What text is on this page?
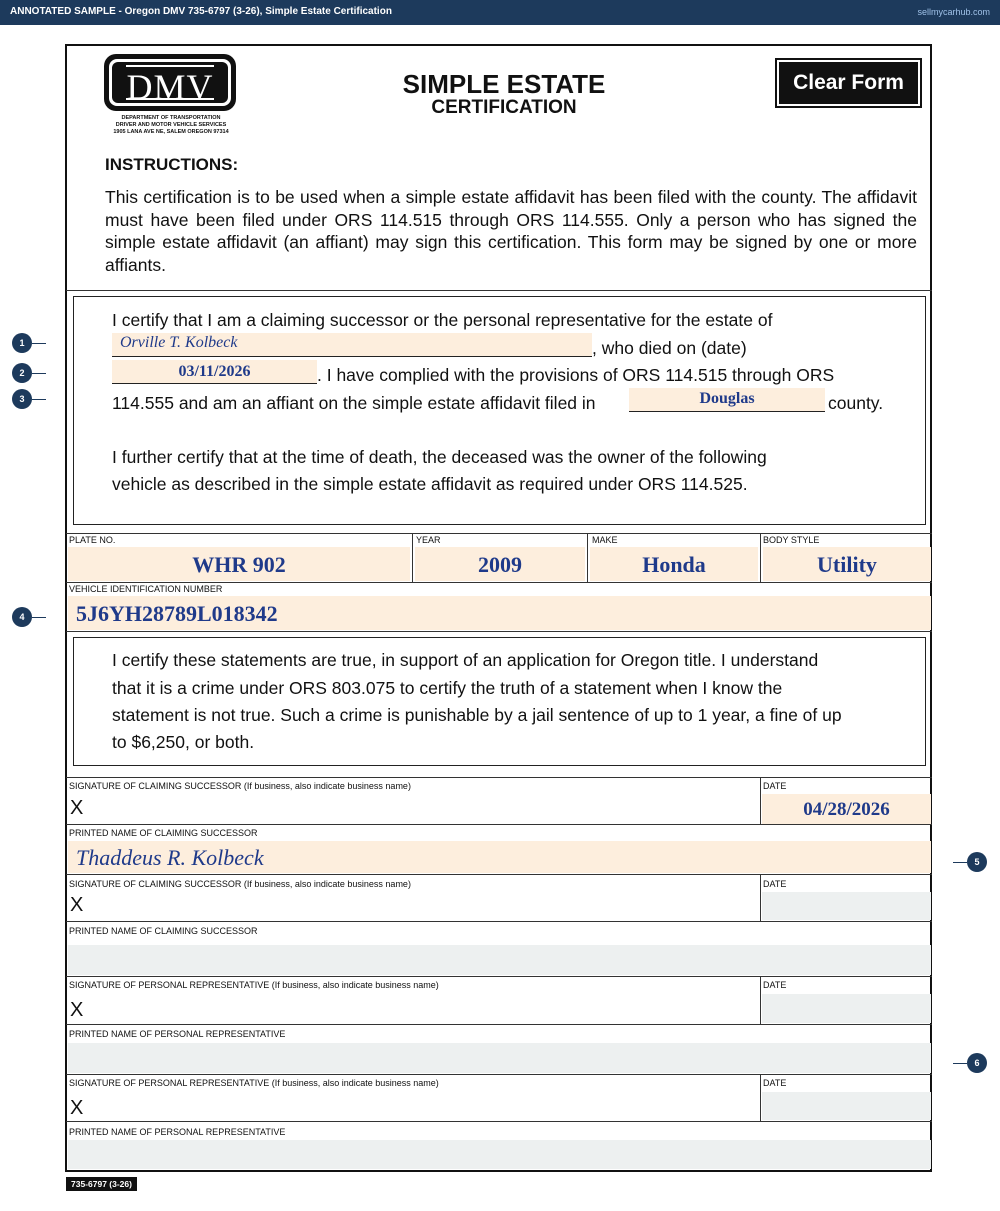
ANNOTATED SAMPLE - Oregon DMV 735-6797 (3-26), Simple Estate Certification	sellmycarhub.com
DMV
DEPARTMENT OF TRANSPORTATION
DRIVER AND MOTOR VEHICLE SERVICES
1905 LANA AVE NE, SALEM OREGON 97314
SIMPLE ESTATE
CERTIFICATION
Clear Form
INSTRUCTIONS:
This certification is to be used when a simple estate affidavit has been filed with the county. The affidavit must have been filed under ORS 114.515 through ORS 114.555. Only a person who has signed the simple estate affidavit (an affiant) may sign this certification. This form may be signed by one or more affiants.
I certify that I am a claiming successor or the personal representative for the estate of
Orville T. Kolbeck	, who died on (date)
03/11/2026	. I have complied with the provisions of ORS 114.515 through ORS
114.555 and am an affiant on the simple estate affidavit filed in	Douglas	county.
I further certify that at the time of death, the deceased was the owner of the following
vehicle as described in the simple estate affidavit as required under ORS 114.525.
PLATE NO.
WHR 902
YEAR
2009
MAKE
Honda
BODY STYLE
Utility
VEHICLE IDENTIFICATION NUMBER
5J6YH28789L018342
I certify these statements are true, in support of an application for Oregon title. I understand
that it is a crime under ORS 803.075 to certify the truth of a statement when I know the
statement is not true. Such a crime is punishable by a jail sentence of up to 1 year, a fine of up
to $6,250, or both.
SIGNATURE OF CLAIMING SUCCESSOR (If business, also indicate business name)
X
DATE
04/28/2026
PRINTED NAME OF CLAIMING SUCCESSOR
Thaddeus R. Kolbeck
SIGNATURE OF CLAIMING SUCCESSOR (If business, also indicate business name)
X
DATE
PRINTED NAME OF CLAIMING SUCCESSOR
SIGNATURE OF PERSONAL REPRESENTATIVE (If business, also indicate business name)
X
DATE
PRINTED NAME OF PERSONAL REPRESENTATIVE
SIGNATURE OF PERSONAL REPRESENTATIVE (If business, also indicate business name)
X
DATE
PRINTED NAME OF PERSONAL REPRESENTATIVE
735-6797 (3-26)
1
2
3
4
5
6
